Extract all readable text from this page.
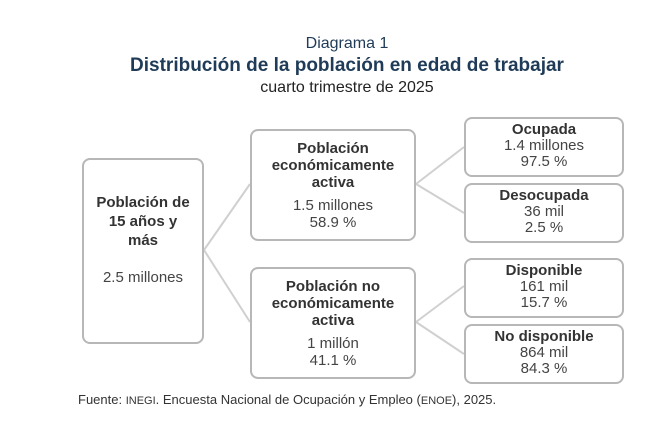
Diagrama 1
Distribución de la población en edad de trabajar
cuarto trimestre de 2025
Población de
15 años y
más
2.5 millones
Población
económicamente
activa
1.5 millones
58.9 %
Población no
económicamente
activa
1 millón
41.1 %
Ocupada
1.4 millones
97.5 %
Desocupada
36 mil
2.5 %
Disponible
161 mil
15.7 %
No disponible
864 mil
84.3 %
Fuente: INEGI. Encuesta Nacional de Ocupación y Empleo (ENOE), 2025.
